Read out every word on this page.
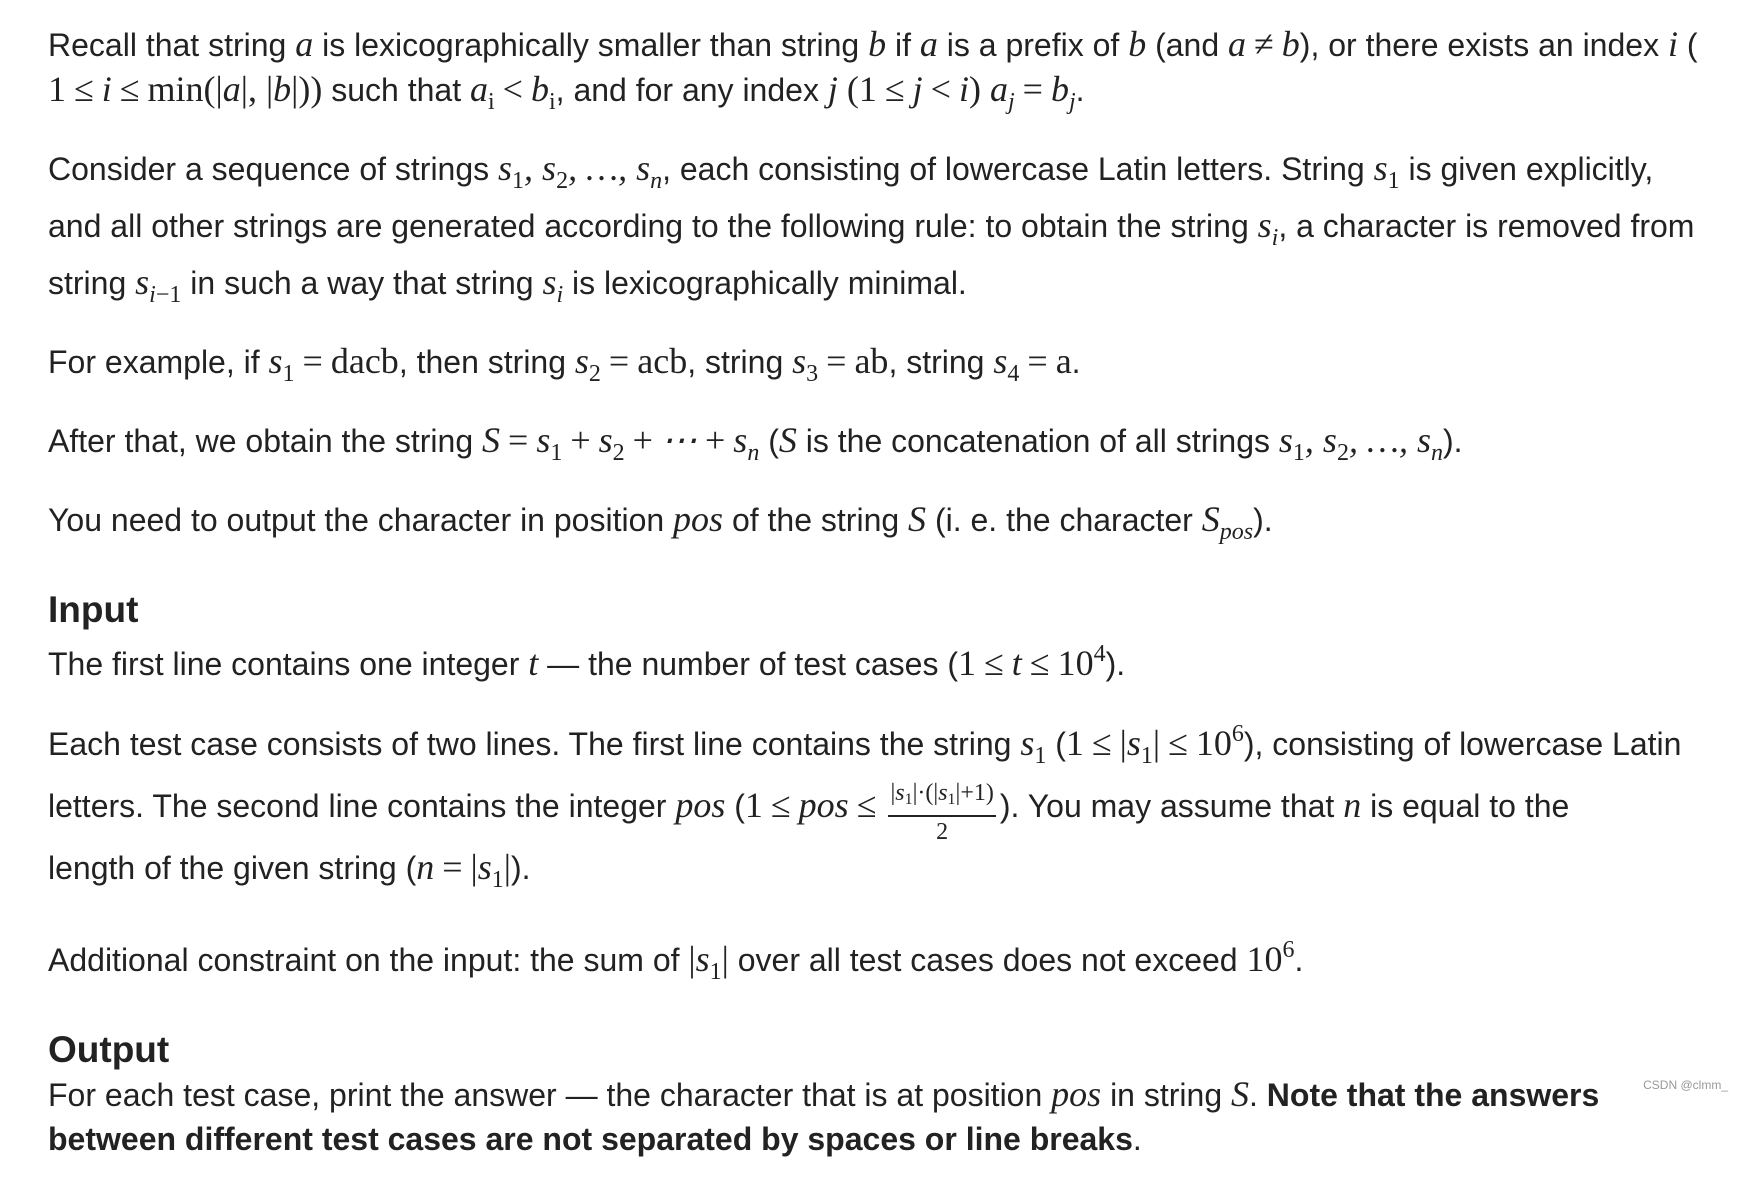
Recall that string a is lexicographically smaller than string b if a is a prefix of b (and a ≠ b), or there exists an index i (
1 ≤ i ≤ min(|a|, |b|)) such that $a_i < b_i$, and for any index j (1 ≤ j < i) $a_j = b_j$.
Consider a sequence of strings $s_1$, $s_2$, …, $s_n$, each consisting of lowercase Latin letters. String $s_1$ is given explicitly,
and all other strings are generated according to the following rule: to obtain the string $s_i$, a character is removed from
string $s_{i-1}$ in such a way that string $s_i$ is lexicographically minimal.
For example, if $s_1$ = dacb, then string $s_2$ = acb, string $s_3$ = ab, string $s_4 = a$.
After that, we obtain the string $S = s_1 + s_2$ + ⋯ + $s_n$ (S is the concatenation of all strings $s_1$, $s_2$, …, $s_n$).
You need to output the character in position pos of the string S (i. e. the character $S_{pos}$).
Input
The first line contains one integer t — the number of test cases $(1 \le t \le 10^4)$.
Each test case consists of two lines. The first line contains the string $s_1$ $(1 \le |s_1| \le 10^6)$, consisting of lowercase Latin
letters. The second line contains the integer pos (1 ≤ pos ≤ $\frac{|s_1|\cdot(|s_1|+1)}{2}$ ). You may assume that n is equal to the
length of the given string $(n = |s_1|)$.
Additional constraint on the input: the sum of $|s_1|$ over all test cases does not exceed $10^6$.
Output
For each test case, print the answer — the character that is at position pos in string S. Note that the answers
between different test cases are not separated by spaces or line breaks.
CSDN @clmm_
